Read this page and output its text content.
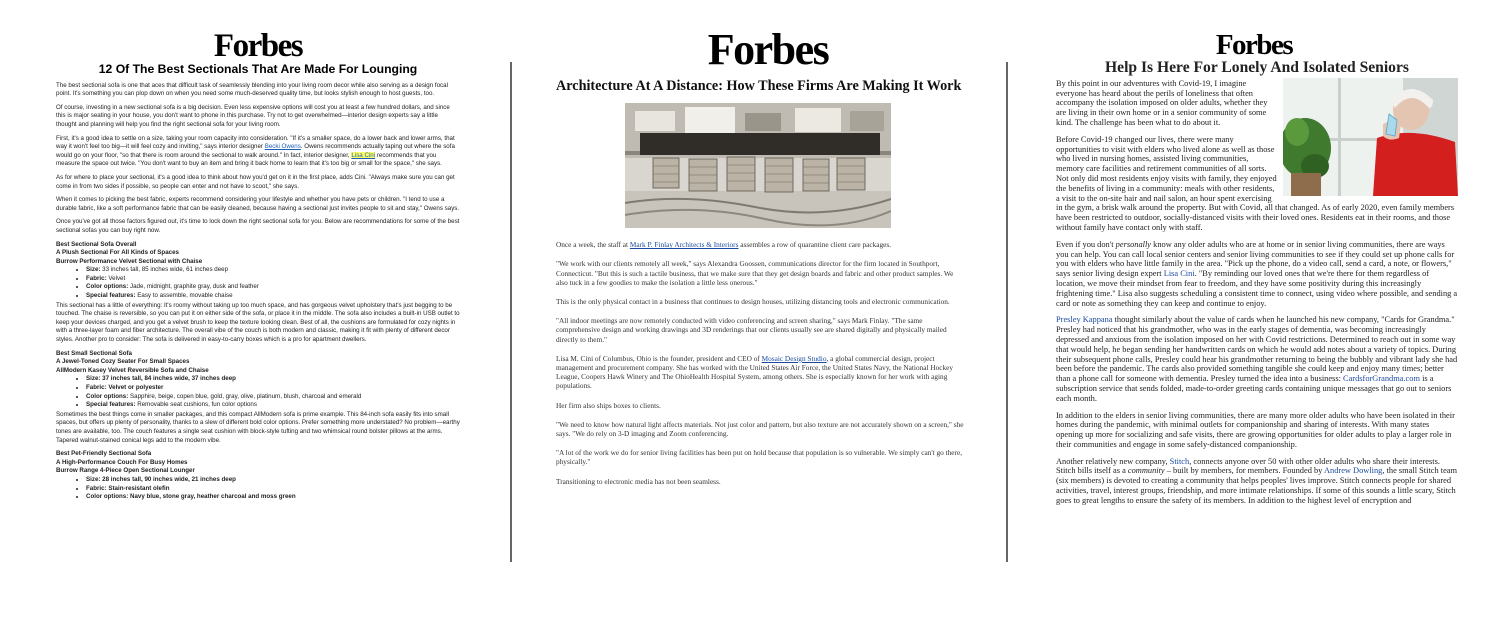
Forbes
12 Of The Best Sectionals That Are Made For Lounging

The best sectional sofa is one that aces that difficult task of seamlessly blending into your living room decor while also serving as a design focal point. It's something you can plop down on when you need some much-deserved quality time, but looks stylish enough to host guests, too.

Of course, investing in a new sectional sofa is a big decision. Even less expensive options will cost you at least a few hundred dollars, and since this is major seating in your house, you don't want to phone in this purchase. Try not to get overwhelmed—interior design experts say a little thought and planning will help you find the right sectional sofa for your living room.

First, it's a good idea to settle on a size, taking your room capacity into consideration. "If it's a smaller space, do a lower back and lower arms, that way it won't feel too big—it will feel cozy and inviting," says interior designer Becki Owens. Owens recommends actually taping out where the sofa would go on your floor, "so that there is room around the sectional to walk around." In fact, interior designer, Lisa Cini recommends that you measure the space out twice. "You don't want to buy an item and bring it back home to learn that it's too big or small for the space," she says.

As for where to place your sectional, it's a good idea to think about how you'd get on it in the first place, adds Cini. "Always make sure you can get come in from two sides if possible, so people can enter and not have to scoot," she says.

When it comes to picking the best fabric, experts recommend considering your lifestyle and whether you have pets or children. "I tend to use a durable fabric, like a soft performance fabric that can be easily cleaned, because having a sectional just invites people to sit and stay," Owens says.

Once you've got all those factors figured out, it's time to lock down the right sectional sofa for you. Below are recommendations for some of the best sectional sofas you can buy right now.

Best Sectional Sofa Overall
A Plush Sectional For All Kinds of Spaces
Burrow Performance Velvet Sectional with Chaise
• Size: 33 inches tall, 85 inches wide, 61 inches deep
• Fabric: Velvet
• Color options: Jade, midnight, graphite gray, dusk and feather
• Special features: Easy to assemble, movable chaise

This sectional has a little of everything: It's roomy without taking up too much space, and has gorgeous velvet upholstery that's just begging to be touched. The chaise is reversible, so you can put it on either side of the sofa, or place it in the middle. The sofa also includes a built-in USB outlet to keep your devices charged, and you get a velvet brush to keep the texture looking clean. Best of all, the cushions are formulated for cozy nights in with a three-layer foam and fiber architecture. The overall vibe of the couch is both modern and classic, making it fit with plenty of different decor styles. Another pro to consider: The sofa is delivered in easy-to-carry boxes which is a pro for apartment dwellers.

Best Small Sectional Sofa
A Jewel-Toned Cozy Seater For Small Spaces
AllModern Kasey Velvet Reversible Sofa and Chaise
• Size: 37 inches tall, 84 inches wide, 37 inches deep
• Fabric: Velvet or polyester
• Color options: Sapphire, beige, copen blue, gold, gray, olive, platinum, blush, charcoal and emerald
• Special features: Removable seat cushions, fun color options

Sometimes the best things come in smaller packages, and this compact AllModern sofa is prime example. This 84-inch sofa easily fits into small spaces, but offers up plenty of personality, thanks to a slew of different bold color options. Prefer something more understated? No problem—earthy tones are available, too. The couch features a single seat cushion with block-style tufting and two whimsical round bolster pillows at the arms. Tapered walnut-stained conical legs add to the modern vibe.

Best Pet-Friendly Sectional Sofa
A High-Performance Couch For Busy Homes
Burrow Range 4-Piece Open Sectional Lounger
• Size: 28 inches tall, 90 inches wide, 21 inches deep
• Fabric: Stain-resistant olefin
• Color options: Navy blue, stone gray, heather charcoal and moss green
Forbes
Architecture At A Distance: How These Firms Are Making It Work

Once a week, the staff at Mark P. Finlay Architects & Interiors assembles a row of quarantine client care packages.

"We work with our clients remotely all week," says Alexandra Goossen, communications director for the firm located in Southport, Connecticut. "But this is such a tactile business, that we make sure that they get design boards and fabric and other product samples. We also tuck in a few goodies to make the isolation a little less onerous."

This is the only physical contact in a business that continues to design houses, utilizing distancing tools and electronic communication.

"All indoor meetings are now remotely conducted with video conferencing and screen sharing," says Mark Finlay. "The same comprehensive design and working drawings and 3D renderings that our clients usually see are shared digitally and physically mailed directly to them."

Lisa M. Cini of Columbus, Ohio is the founder, president and CEO of Mosaic Design Studio, a global commercial design, project management and procurement company. She has worked with the United States Air Force, the United States Navy, the National Hockey League, Coopers Hawk Winery and The OhioHealth Hospital System, among others. She is especially known for her work with aging populations.

Her firm also ships boxes to clients.

"We need to know how natural light affects materials. Not just color and pattern, but also texture are not accurately shown on a screen," she says. "We do rely on 3-D imaging and Zoom conferencing.

"A lot of the work we do for senior living facilities has been put on hold because that population is so vulnerable. We simply can't go there, physically."

Transitioning to electronic media has not been seamless.

Forbes
Help Is Here For Lonely And Isolated Seniors

By this point in our adventures with Covid-19, I imagine everyone has heard about the perils of loneliness that often accompany the isolation imposed on older adults, whether they are living in their own home or in a senior community of some kind. The challenge has been what to do about it.

Before Covid-19 changed our lives, there were many opportunities to visit with elders who lived alone as well as those who lived in nursing homes, assisted living communities, memory care facilities and retirement communities of all sorts. Not only did most residents enjoy visits with family, they enjoyed the benefits of living in a community: meals with other residents, a visit to the on-site hair and nail salon, an hour spent exercising in the gym, a brisk walk around the property. But with Covid, all that changed. As of early 2020, even family members have been restricted to outdoor, socially-distanced visits with their loved ones. Residents eat in their rooms, and those without family have contact only with staff.

Even if you don't personally know any older adults who are at home or in senior living communities, there are ways you can help. You can call local senior centers and senior living communities to see if they could set up phone calls for you with elders who have little family in the area. "Pick up the phone, do a video call, send a card, a note, or flowers," says senior living design expert Lisa Cini. "By reminding our loved ones that we're there for them regardless of location, we move their mindset from fear to freedom, and they have some positivity during this increasingly frightening time." Lisa also suggests scheduling a consistent time to connect, using video where possible, and sending a card or note as something they can keep and continue to enjoy.

Presley Kappana thought similarly about the value of cards when he launched his new company, "Cards for Grandma." Presley had noticed that his grandmother, who was in the early stages of dementia, was becoming increasingly depressed and anxious from the isolation imposed on her with Covid restrictions. Determined to reach out in some way that would help, he began sending her handwritten cards on which he would add notes about a variety of topics. During their subsequent phone calls, Presley could hear his grandmother returning to being the bubbly and vibrant lady she had been before the pandemic. The cards also provided something tangible she could keep and enjoy many times; better than a phone call for someone with dementia. Presley turned the idea into a business: CardsforGrandma.com is a subscription service that sends folded, made-to-order greeting cards containing unique messages that go out to seniors each month.

In addition to the elders in senior living communities, there are many more older adults who have been isolated in their homes during the pandemic, with minimal outlets for companionship and sharing of interests. With many states opening up more for socializing and safe visits, there are growing opportunities for older adults to play a larger role in their communities and engage in some safely-distanced companionship.

Another relatively new company, Stitch, connects anyone over 50 with other older adults who share their interests. Stitch bills itself as a community – built by members, for members. Founded by Andrew Dowling, the small Stitch team (six members) is devoted to creating a community that helps peoples' lives improve. Stitch connects people for shared activities, travel, interest groups, friendship, and more intimate relationships. If some of this sounds a little scary, Stitch goes to great lengths to ensure the safety of its members. In addition to the highest level of encryption and
